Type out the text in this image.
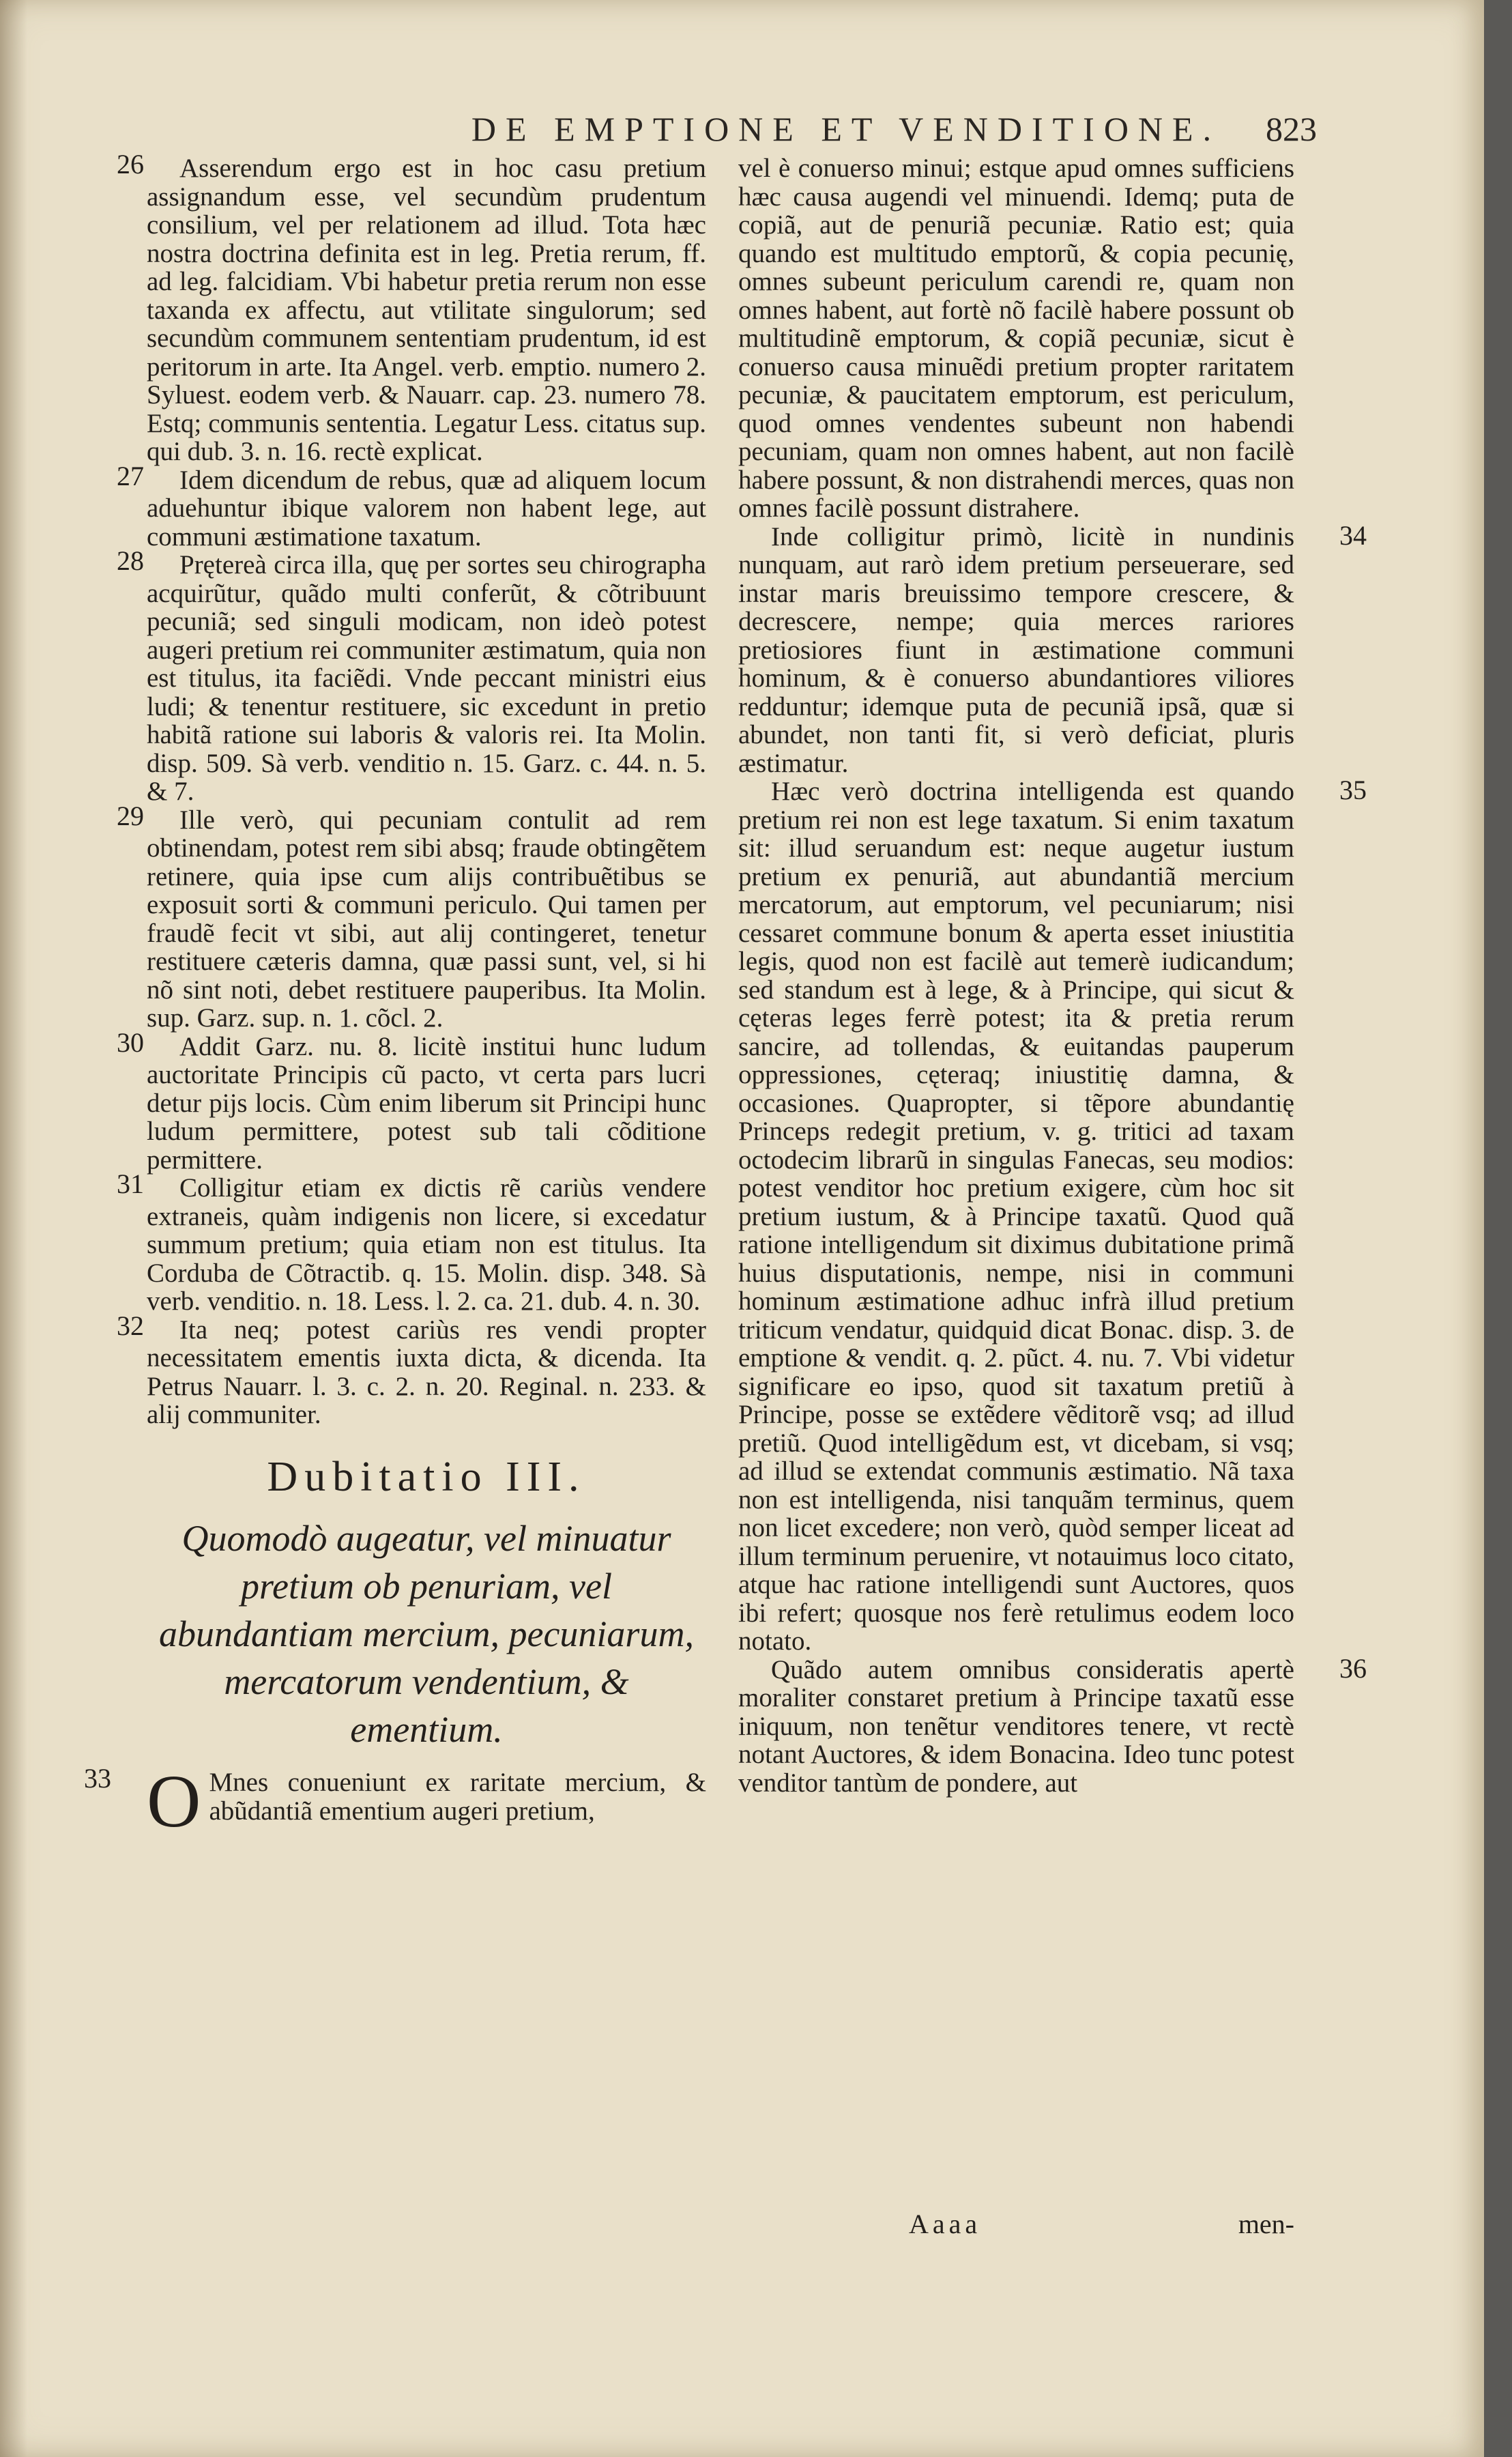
DE EMPTIONE ET VENDITIONE.	823

26 Asserendum ergo est in hoc casu pretium assignandum esse, vel secundùm prudentum consilium, vel per relationem ad illud. Tota hæc nostra doctrina definita est in leg. Pretia rerum, ff. ad leg. falcidiam. Vbi habetur pretia rerum non esse taxanda ex affectu, aut vtilitate singulorum; sed secundùm communem sententiam prudentum, id est peritorum in arte. Ita Angel. verb. emptio. numero 2. Syluest. eodem verb. & Nauarr. cap. 23. numero 78. Estq; communis sententia. Legatur Less. citatus sup. qui dub. 3. n. 16. rectè explicat.

27 Idem dicendum de rebus, quæ ad aliquem locum aduehuntur ibique valorem non habent lege, aut communi æstimatione taxatum.

28 Prętereà circa illa, quę per sortes seu chirographa acquirũtur, quãdo multi conferũt, & cõtribuunt pecuniã; sed singuli modicam, non ideò potest augeri pretium rei communiter æstimatum, quia non est titulus, ita faciẽdi. Vnde peccant ministri eius ludi; & tenentur restituere, sic excedunt in pretio habitã ratione sui laboris & valoris rei. Ita Molin. disp. 509. Sà verb. venditio n. 15. Garz. c. 44. n. 5. & 7.

29 Ille verò, qui pecuniam contulit ad rem obtinendam, potest rem sibi absq; fraude obtingẽtem retinere, quia ipse cum alijs contribuẽtibus se exposuit sorti & communi periculo. Qui tamen per fraudẽ fecit vt sibi, aut alij contingeret, tenetur restituere cæteris damna, quæ passi sunt, vel, si hi nõ sint noti, debet restituere pauperibus. Ita Molin. sup. Garz. sup. n. 1. cõcl. 2.

30 Addit Garz. nu. 8. licitè institui hunc ludum auctoritate Principis cũ pacto, vt certa pars lucri detur pijs locis. Cùm enim liberum sit Principi hunc ludum permittere, potest sub tali cõditione permittere.

31 Colligitur etiam ex dictis rẽ cariùs vendere extraneis, quàm indigenis non licere, si excedatur summum pretium; quia etiam non est titulus. Ita Corduba de Cõtractib. q. 15. Molin. disp. 348. Sà verb. venditio. n. 18. Less. l. 2. ca. 21. dub. 4. n. 30.

32 Ita neq; potest cariùs res vendi propter necessitatem ementis iuxta dicta, & dicenda. Ita Petrus Nauarr. l. 3. c. 2. n. 20. Reginal. n. 233. & alij communiter.

Dubitatio III.
Quomodò augeatur, vel minuatur pretium ob penuriam, vel abundantiam mercium, pecuniarum, mercatorum vendentium, & ementium.

33 O Mnes conueniunt ex raritate mercium, & abũdantiã ementium augeri pretium,

vel è conuerso minui; estque apud omnes sufficiens hæc causa augendi vel minuendi. Idemq; puta de copiã, aut de penuriã pecuniæ. Ratio est; quia quando est multitudo emptorũ, & copia pecunię, omnes subeunt periculum carendi re, quam non omnes habent, aut fortè nõ facilè habere possunt ob multitudinẽ emptorum, & copiã pecuniæ, sicut è conuerso causa minuẽdi pretium propter raritatem pecuniæ, & paucitatem emptorum, est periculum, quod omnes vendentes subeunt non habendi pecuniam, quam non omnes habent, aut non facilè habere possunt, & non distrahendi merces, quas non omnes facilè possunt distrahere.

34
Inde colligitur primò, licitè in nundinis nunquam, aut rarò idem pretium perseuerare, sed instar maris breuissimo tempore crescere, & decrescere, nempe; quia merces rariores pretiosiores fiunt in æstimatione communi hominum, & è conuerso abundantiores viliores redduntur; idemque puta de pecuniã ipsã, quæ si abundet, non tanti fit, si verò deficiat, pluris æstimatur.

35
Hæc verò doctrina intelligenda est quando pretium rei non est lege taxatum. Si enim taxatum sit: illud seruandum est: neque augetur iustum pretium ex penuriã, aut abundantiã mercium mercatorum, aut emptorum, vel pecuniarum; nisi cessaret commune bonum & aperta esset iniustitia legis, quod non est facilè aut temerè iudicandum; sed standum est à lege, & à Principe, qui sicut & cęteras leges ferrè potest; ita & pretia rerum sancire, ad tollendas, & euitandas pauperum oppressiones, cęteraq; iniustitię damna, & occasiones. Quapropter, si tẽpore abundantię Princeps redegit pretium, v. g. tritici ad taxam octodecim librarũ in singulas Fanecas, seu modios: potest venditor hoc pretium exigere, cùm hoc sit pretium iustum, & à Principe taxatũ. Quod quã ratione intelligendum sit diximus dubitatione primã huius disputationis, nempe, nisi in communi hominum æstimatione adhuc infrà illud pretium triticum vendatur, quidquid dicat Bonac. disp. 3. de emptione & vendit. q. 2. pũct. 4. nu. 7. Vbi videtur significare eo ipso, quod sit taxatum pretiũ à Principe, posse se extẽdere vẽditorẽ vsq; ad illud pretiũ. Quod intelligẽdum est, vt dicebam, si vsq; ad illud se extendat communis æstimatio. Nã taxa non est intelligenda, nisi tanquãm terminus, quem non licet excedere; non verò, quòd semper liceat ad illum terminum peruenire, vt notauimus loco citato, atque hac ratione intelligendi sunt Auctores, quos ibi refert; quosque nos ferè retulimus eodem loco notato.

36
Quãdo autem omnibus consideratis apertè moraliter constaret pretium à Principe taxatũ esse iniquum, non tenẽtur venditores tenere, vt rectè notant Auctores, & idem Bonacina. Ideo tunc potest venditor tantùm de pondere, aut

Aaaa	men-
